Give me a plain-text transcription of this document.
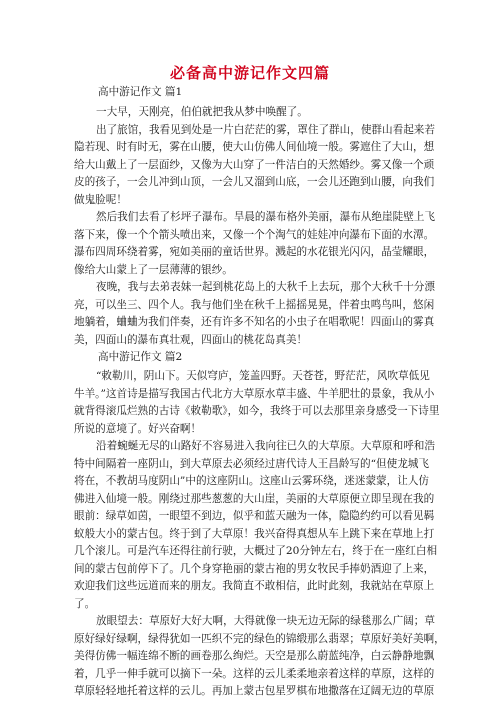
必备高中游记作文四篇
高中游记作文 篇1
一大早，天刚亮，伯伯就把我从梦中唤醒了。
出了旅馆，我看见到处是一片白茫茫的雾，罩住了群山，使群山看起来若
隐若现、时有时无，雾在山腰，使大山仿佛人间仙境一般。雾遮住了大山，想
给大山戴上了一层面纱，又像为大山穿了一件洁白的天然婚纱。雾又像一个顽
皮的孩子，一会儿冲到山顶，一会儿又溜到山底，一会儿还跑到山腰，向我们
做鬼脸呢！
然后我们去看了杉坪子瀑布。旱晨的瀑布格外美丽，瀑布从绝崖陡壁上飞
落下来，像一个个箭头喷出来，又像一个个淘气的娃娃冲向瀑布下面的水潭。
瀑布四周环绕着雾，宛如美丽的童话世界。溅起的水花银光闪闪，晶莹耀眼，
像给大山蒙上了一层薄薄的银纱。
夜晚，我与去弟表妹一起到桃花岛上的大秋千上去玩，那个大秋千十分漂
亮，可以坐三、四个人。我与他们坐在秋千上摇摇晃晃，伴着虫鸣鸟叫，悠闲
地躺着，蛐蛐为我们伴奏，还有许多不知名的小虫子在唱歌呢！四面山的雾真
美，四面山的瀑布真壮观，四面山的桃花岛真美！
高中游记作文 篇2
“敕勒川，阴山下。天似穹庐，笼盖四野。天苍苍，野茫茫，风吹草低见
牛羊。”这首诗是描写我国古代北方大草原水草丰盛、牛羊肥壮的景象，我从小
就背得滚瓜烂熟的古诗《敕勒歌》，如今，我终于可以去那里亲身感受一下诗里
所说的意境了。好兴奋啊！
沿着蜿蜒无尽的山路好不容易进入我向往已久的大草原。大草原和呼和浩
特中间隔着一座阴山，到大草原去必须经过唐代诗人王昌龄写的“但使龙城飞
将在，不教胡马度阴山”中的这座阴山。这座山云雾环绕，迷迷蒙蒙，让人仿
佛进入仙境一般。刚绕过那些葱葱的大山崖，美丽的大草原便立即呈现在我的
眼前：绿草如茵，一眼望不到边，似乎和蓝天融为一体，隐隐约约可以看见羁
蚁般大小的蒙古包。终于到了大草原！我兴奋得真想从车上跳下来在草地上打
几个滚儿。可是汽车还得往前行驶，大概过了20分钟左右，终于在一座红白相
间的蒙古包前停下了。几个身穿艳丽的蒙古袍的男女牧民手捧奶酒迎了上来，
欢迎我们这些远道而来的朋友。我简直不敢相信，此时此刻，我就站在草原上
了。
放眼望去：草原好大好大啊，大得就像一块无边无际的绿毯那么广阔；草
原好绿好绿啊，绿得犹如一匹织不完的绿色的锦缎那么翡翠；草原好美好美啊，
美得仿佛一幅连绵不断的画卷那么绚烂。天空是那么蔚蓝纯净，白云静静地飘
着，几乎一伸手就可以摘下一朵。这样的云儿柔柔地亲着这样的草原，这样的
草原轻轻地托着这样的云儿。再加上蒙古包星罗棋布地撒落在辽阔无边的草原
